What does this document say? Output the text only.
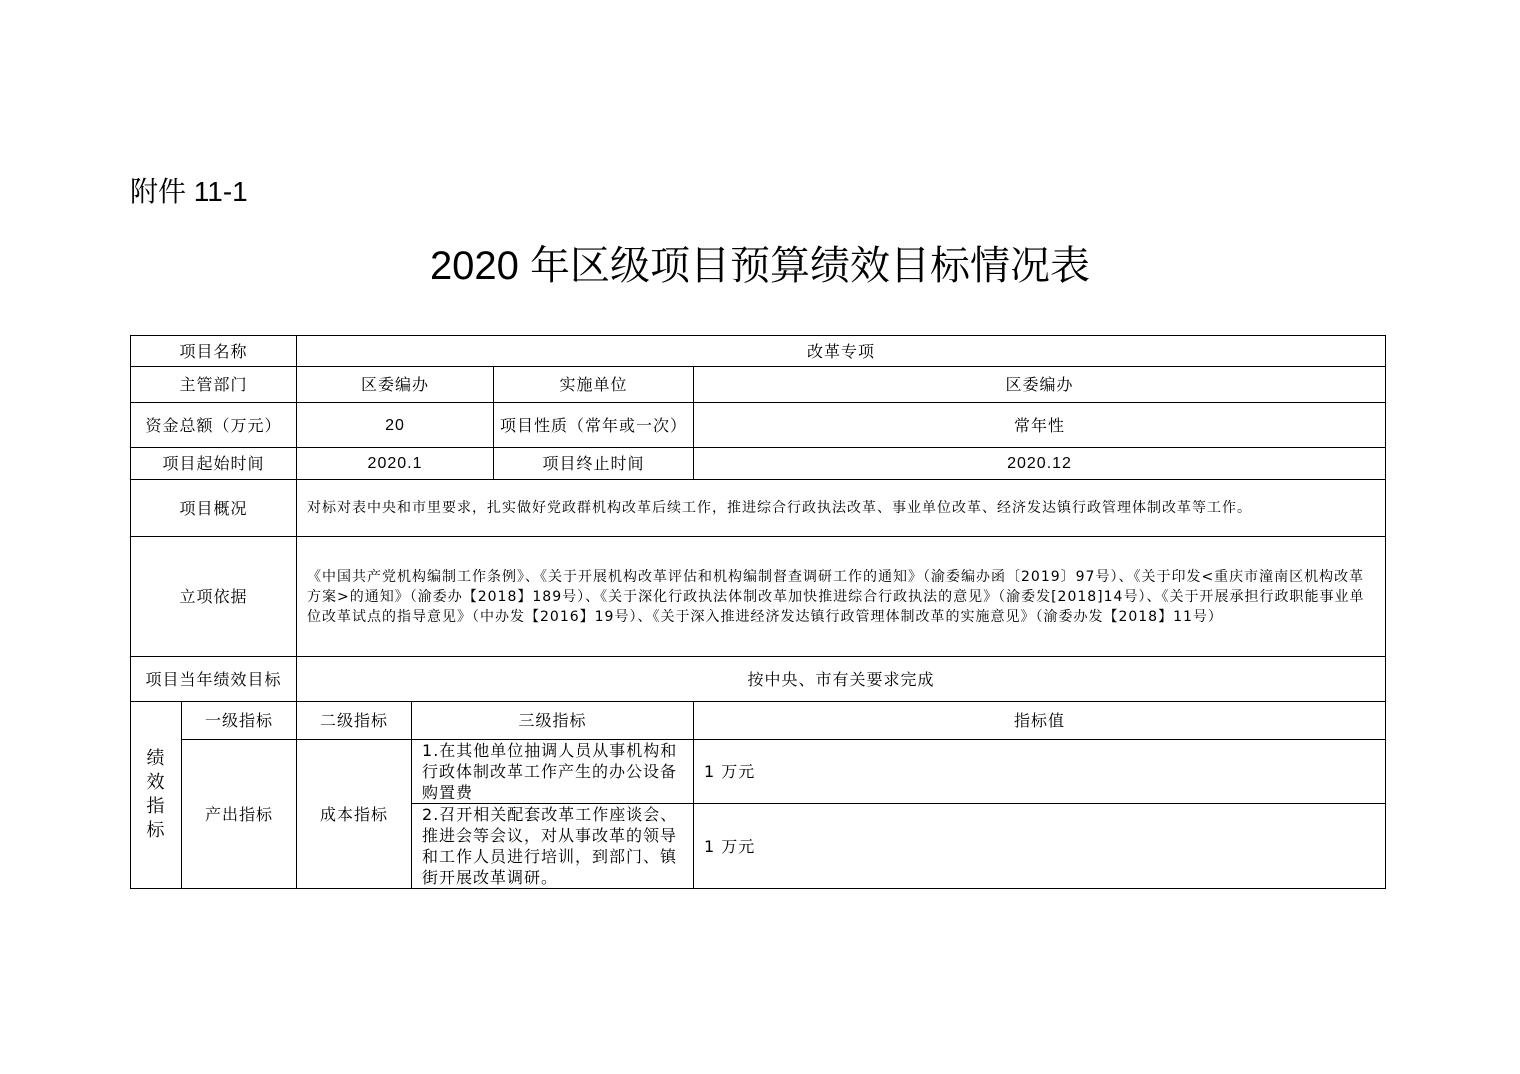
附件 11-1
2020 年区级项目预算绩效目标情况表
项目名称		改革专项			
主管部门		区委编办		实施单位	区委编办
资金总额（万元）		20		项目性质（常年或一次）	常年性
项目起始时间		2020.1		项目终止时间	2020.12
项目概况		对标对表中央和市里要求，扎实做好党政群机构改革后续工作，推进综合行政执法改革、事业单位改革、经济发达镇行政管理体制改革等工作。			
立项依据		《中国共产党机构编制工作条例》、《关于开展机构改革评估和机构编制督查调研工作的通知》（渝委编办函〔2019〕97号）、《关于印发<重庆市潼南区机构改革方案>的通知》（渝委办【2018】189号）、《关于深化行政执法体制改革加快推进综合行政执法的意见》（渝委发[2018]14号）、《关于开展承担行政职能事业单位改革试点的指导意见》（中办发【2016】19号）、《关于深入推进经济发达镇行政管理体制改革的实施意见》（渝委办发【2018】11号）			
项目当年绩效目标		按中央、市有关要求完成			
绩效指标	一级指标	二级指标	三级指标		指标值
	产出指标	成本指标	1.在其他单位抽调人员从事机构和行政体制改革工作产生的办公设备购置费		1 万元
			2.召开相关配套改革工作座谈会、推进会等会议，对从事改革的领导和工作人员进行培训，到部门、镇街开展改革调研。		1 万元
